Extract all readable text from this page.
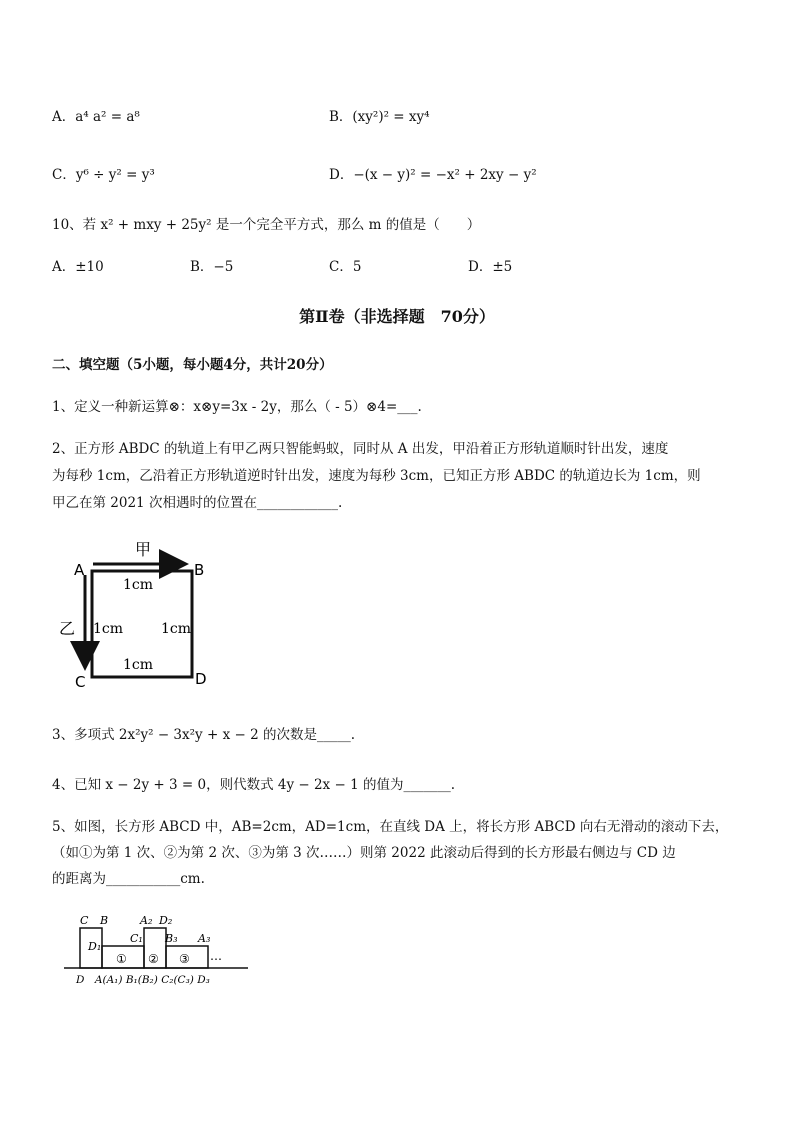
A．a⁴ a² = a⁸	B．(xy²)² = xy⁴
C．y⁶ ÷ y² = y³	D．−(x − y)² = −x² + 2xy − y²
10、若 x² + mxy + 25y² 是一个完全平方式，那么 m 的值是（　　）
A．±10	B．−5	C．5	D．±5
第Ⅱ卷（非选择题　70分）
二、填空题（5小题，每小题4分，共计20分）
1、定义一种新运算⊗：x⊗y=3x - 2y，那么（ - 5）⊗4=___.
2、正方形 ABDC 的轨道上有甲乙两只智能蚂蚁，同时从 A 出发，甲沿着正方形轨道顺时针出发，速度
为每秒 1cm，乙沿着正方形轨道逆时针出发，速度为每秒 3cm，已知正方形 ABDC 的轨道边长为 1cm，则
甲乙在第 2021 次相遇时的位置在____________.
A	B
C	D
甲
乙
1cm
1cm	1cm
1cm
3、多项式 2x²y² − 3x²y + x − 2 的次数是_____.
4、已知 x − 2y + 3 = 0，则代数式 4y − 2x − 1 的值为_______.
5、如图，长方形 ABCD 中，AB=2cm，AD=1cm，在直线 DA 上，将长方形 ABCD 向右无滑动的滚动下去，
（如①为第 1 次、②为第 2 次、③为第 3 次……）则第 2022 此滚动后得到的长方形最右侧边与 CD 边
的距离为___________cm.
C B	A₂ D₂
D₁
C₁ B₃ A₃
① ② ③ …
D　A(A₁) B₁(B₂) C₂(C₃) D₃
